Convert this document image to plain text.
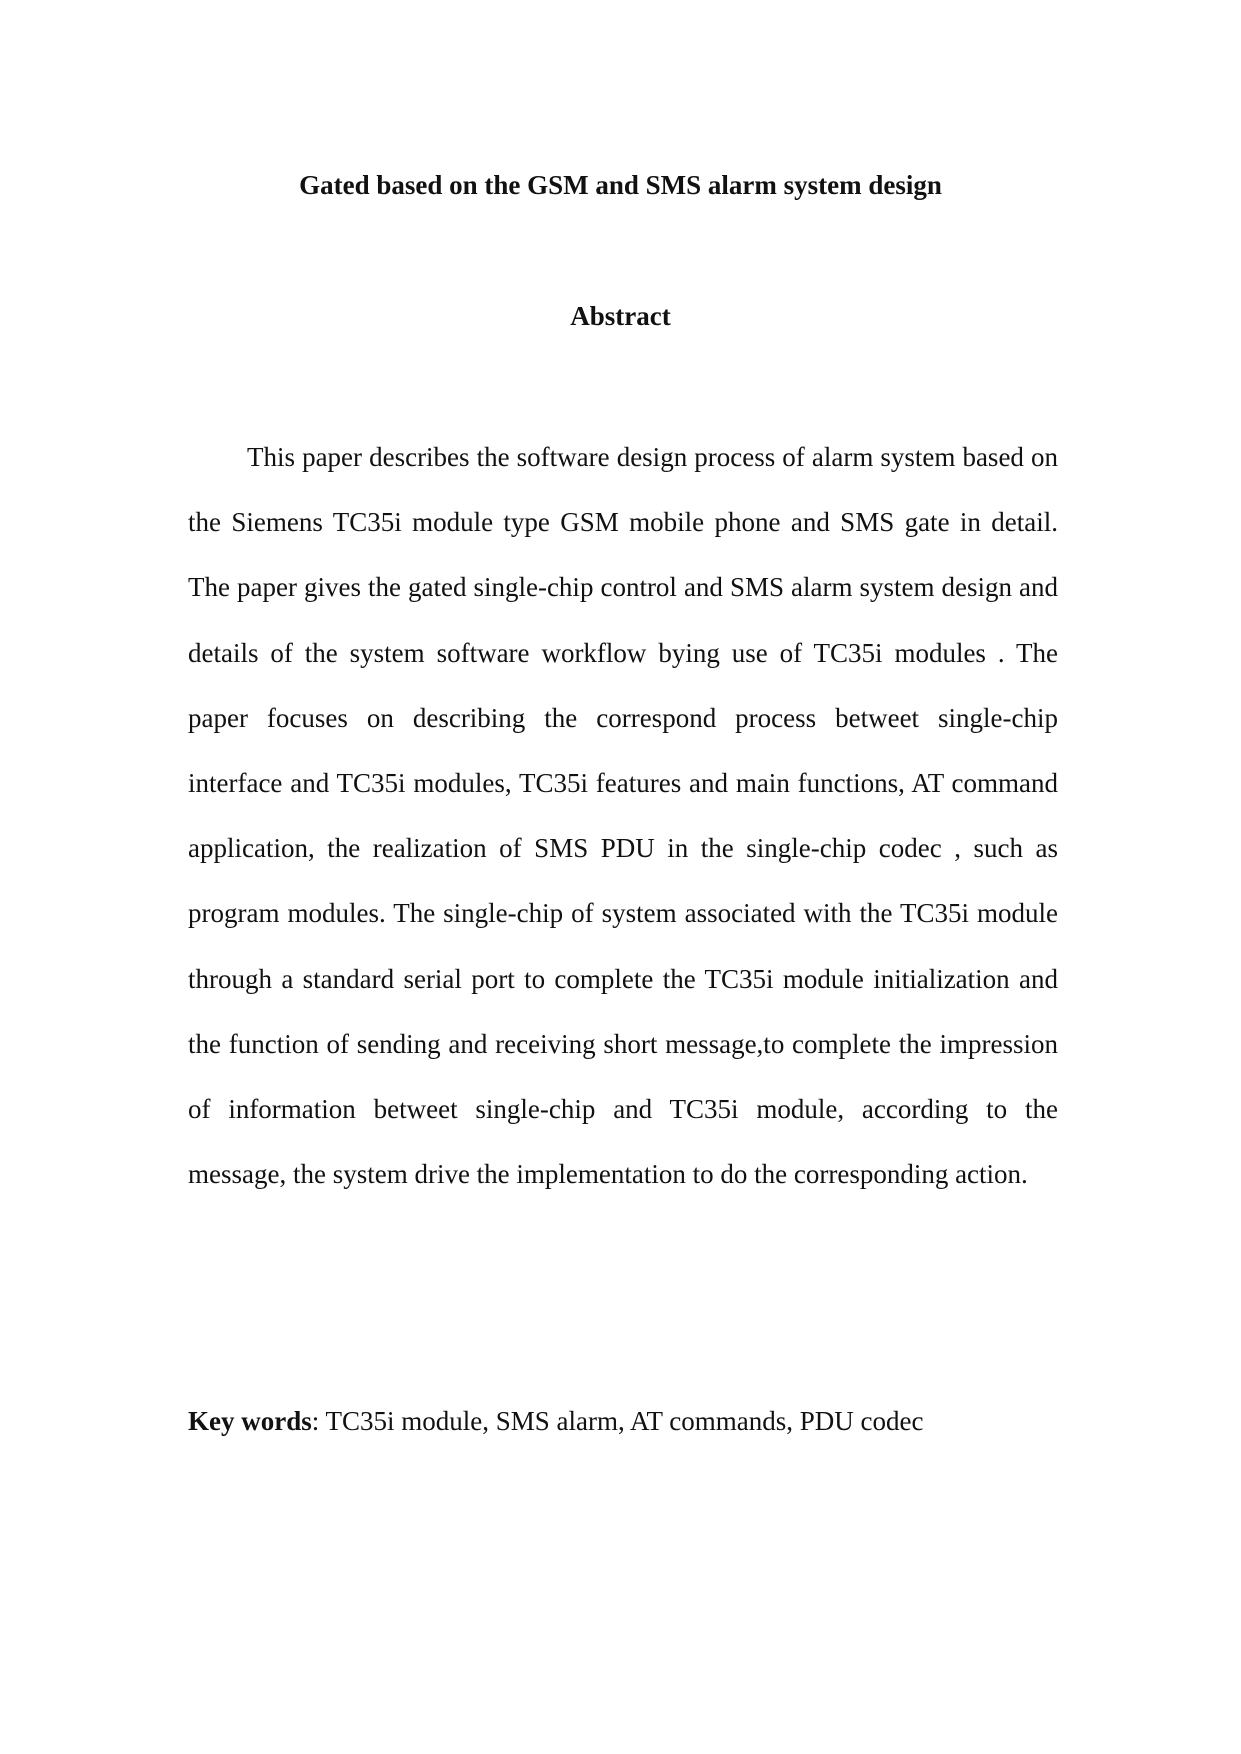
Gated based on the GSM and SMS alarm system design
Abstract

This paper describes the software design process of alarm system based on the Siemens TC35i module type GSM mobile phone and SMS gate in detail. The paper gives the gated single-chip control and SMS alarm system design and details of the system software workflow bying use of TC35i modules . The paper focuses on describing the correspond process betweet single-chip interface and TC35i modules, TC35i features and main functions, AT command application, the realization of SMS PDU in the single-chip codec , such as program modules. The single-chip of system associated with the TC35i module through a standard serial port to complete the TC35i module initialization and the function of sending and receiving short message,to complete the impression of information betweet single-chip and TC35i module, according to the message, the system drive the implementation to do the corresponding action.

Key words: TC35i module, SMS alarm, AT commands, PDU codec
